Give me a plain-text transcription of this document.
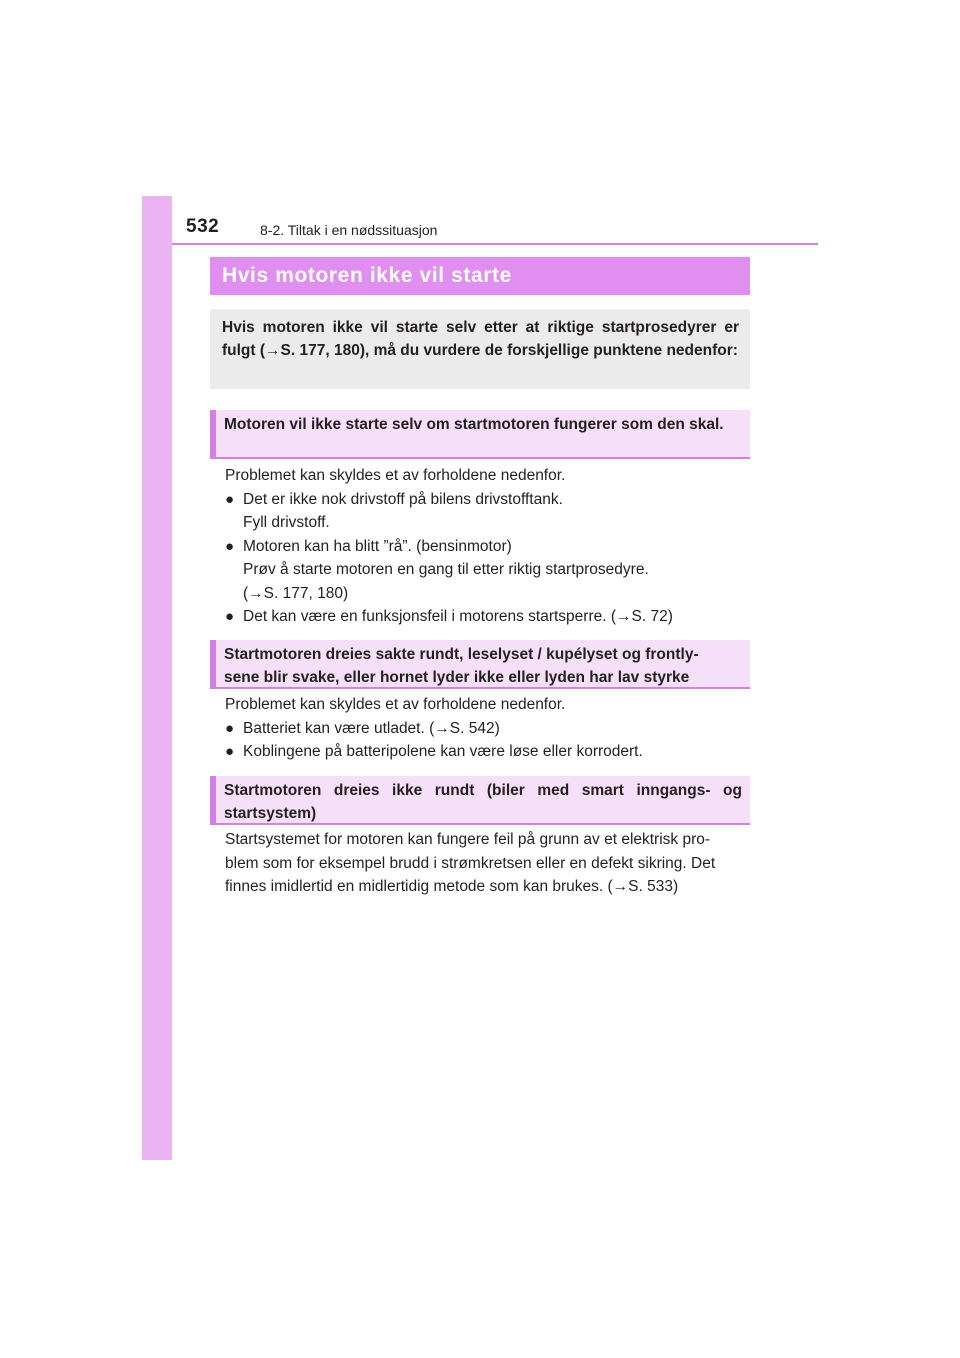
532	8-2. Tiltak i en nødssituasjon
Hvis motoren ikke vil starte
Hvis motoren ikke vil starte selv etter at riktige startprosedyrer er fulgt (→S. 177, 180), må du vurdere de forskjellige punktene nedenfor:
Motoren vil ikke starte selv om startmotoren fungerer som den skal.
Problemet kan skyldes et av forholdene nedenfor.
● Det er ikke nok drivstoff på bilens drivstofftank.
Fyll drivstoff.
● Motoren kan ha blitt ”rå”. (bensinmotor)
Prøv å starte motoren en gang til etter riktig startprosedyre.
(→S. 177, 180)
● Det kan være en funksjonsfeil i motorens startsperre. (→S. 72)
Startmotoren dreies sakte rundt, leselyset / kupélyset og frontly-
sene blir svake, eller hornet lyder ikke eller lyden har lav styrke
Problemet kan skyldes et av forholdene nedenfor.
● Batteriet kan være utladet. (→S. 542)
● Koblingene på batteripolene kan være løse eller korrodert.
Startmotoren dreies ikke rundt (biler med smart inngangs- og startsystem)
Startsystemet for motoren kan fungere feil på grunn av et elektrisk pro-
blem som for eksempel brudd i strømkretsen eller en defekt sikring. Det
finnes imidlertid en midlertidig metode som kan brukes. (→S. 533)
